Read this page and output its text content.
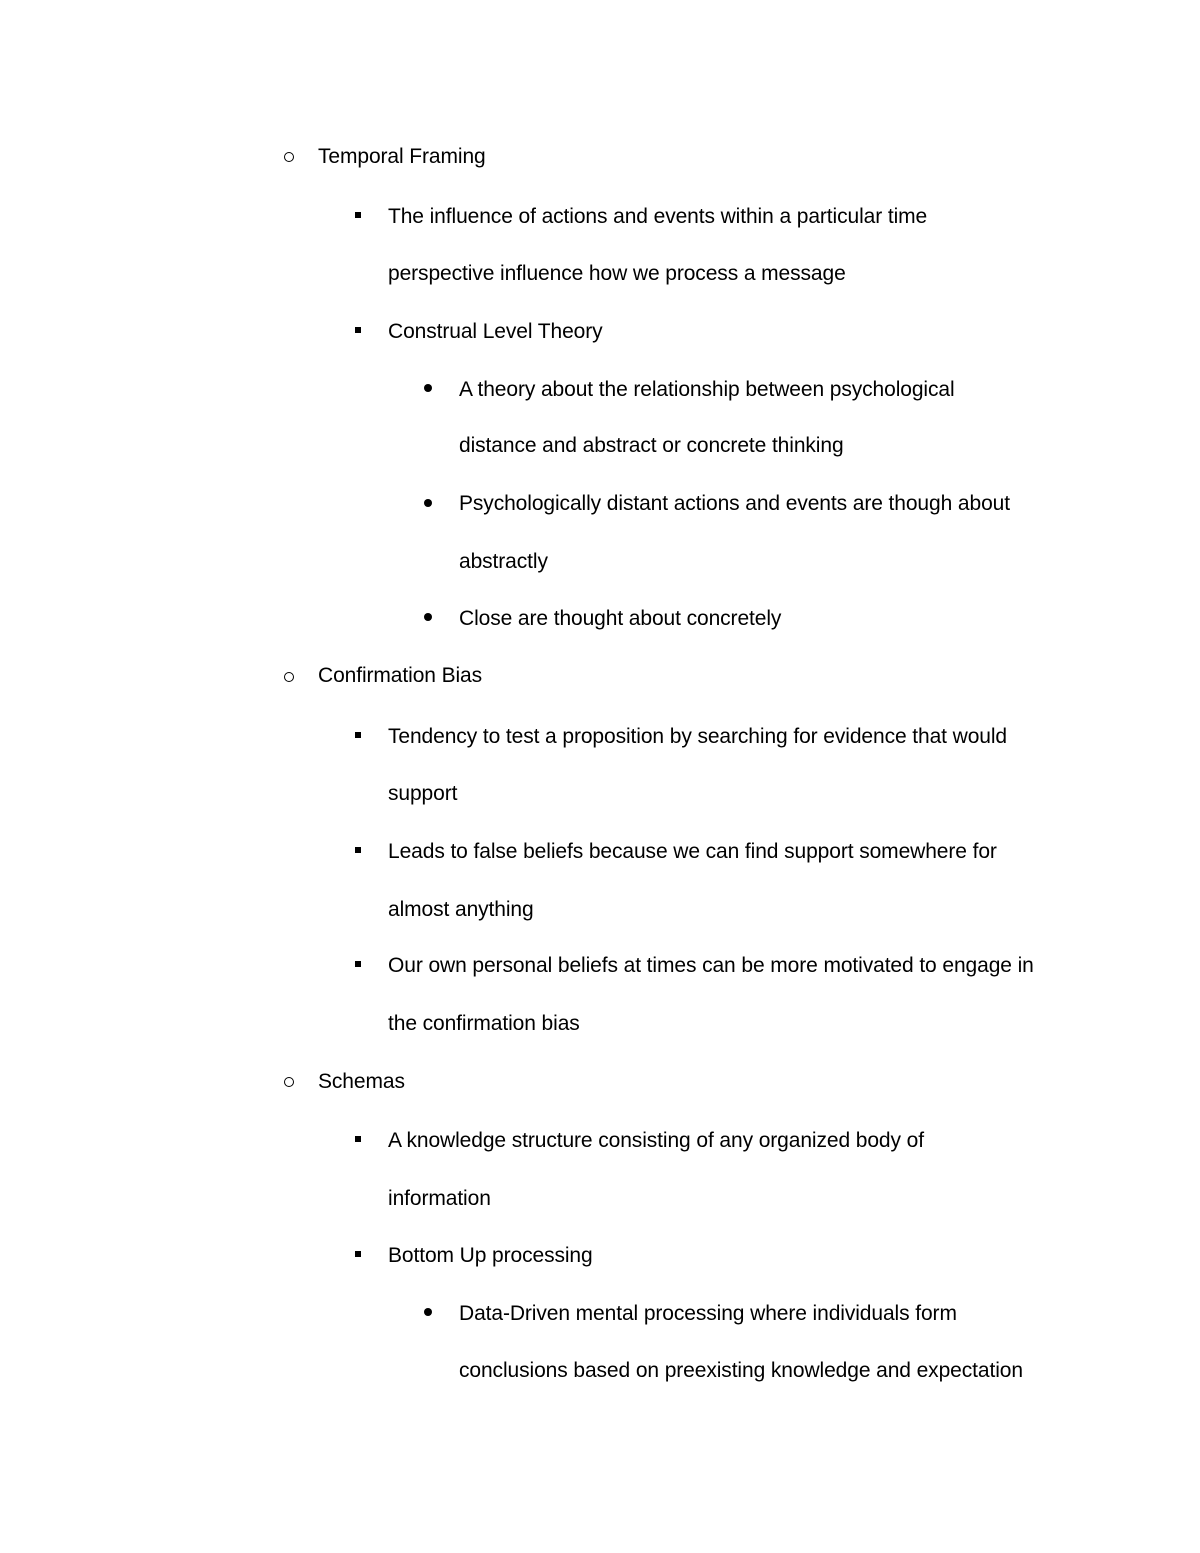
Temporal Framing
The influence of actions and events within a particular time
perspective influence how we process a message
Construal Level Theory
A theory about the relationship between psychological
distance and abstract or concrete thinking
Psychologically distant actions and events are though about
abstractly
Close are thought about concretely
Confirmation Bias
Tendency to test a proposition by searching for evidence that would
support
Leads to false beliefs because we can find support somewhere for
almost anything
Our own personal beliefs at times can be more motivated to engage in
the confirmation bias
Schemas
A knowledge structure consisting of any organized body of
information
Bottom Up processing
Data-Driven mental processing where individuals form
conclusions based on preexisting knowledge and expectation
